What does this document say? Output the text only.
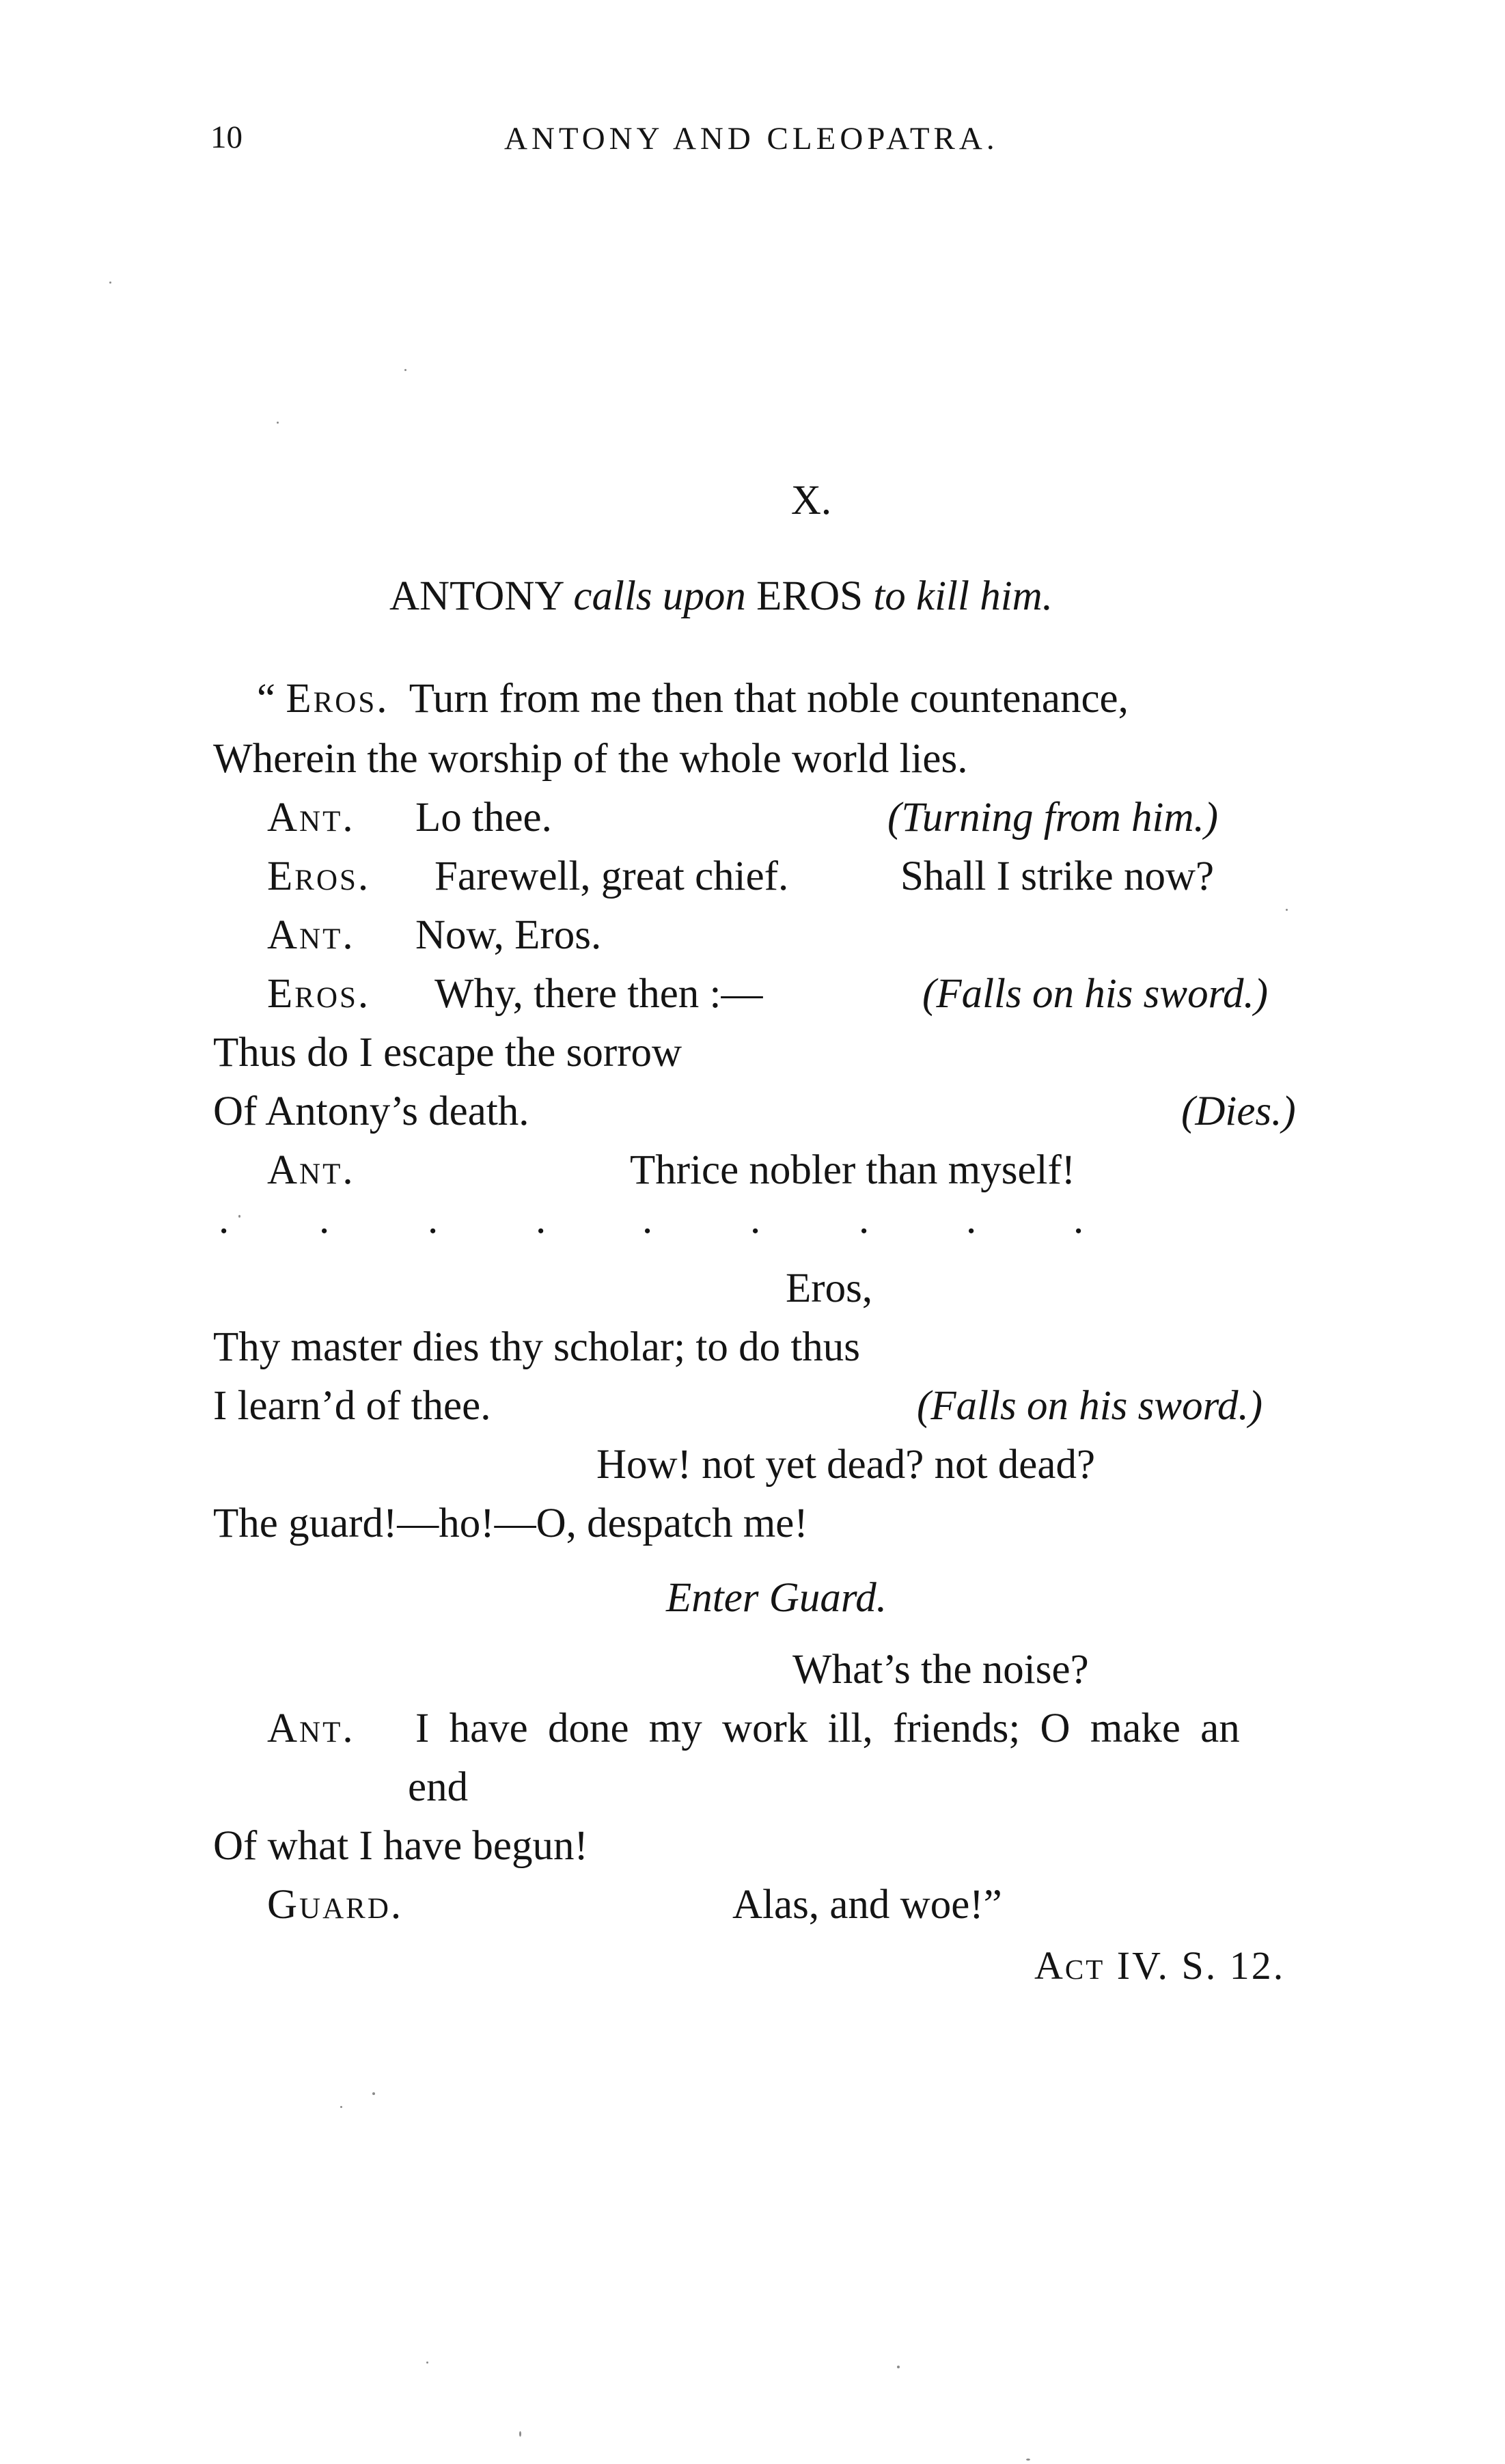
10	ANTONY AND CLEOPATRA.
X.
ANTONY calls upon EROS to kill him.
“ Eros. Turn from me then that noble countenance,
Wherein the worship of the whole world lies.
Ant. Lo thee.	(Turning from him.)
Eros. Farewell, great chief.	Shall I strike now?
Ant. Now, Eros.
Eros. Why, there then :—	(Falls on his sword.)
Thus do I escape the sorrow
Of Antony’s death.	(Dies.)
Ant.	Thrice nobler than myself!
. . . . . . . . .
Eros,
Thy master dies thy scholar; to do thus
I learn’d of thee.	(Falls on his sword.)
How! not yet dead? not dead?
The guard!—ho!—O, despatch me!
Enter Guard.
What’s the noise?
Ant. I have done my work ill, friends; O make an
end
Of what I have begun!
Guard.	Alas, and woe!”
Act IV. S. 12.
